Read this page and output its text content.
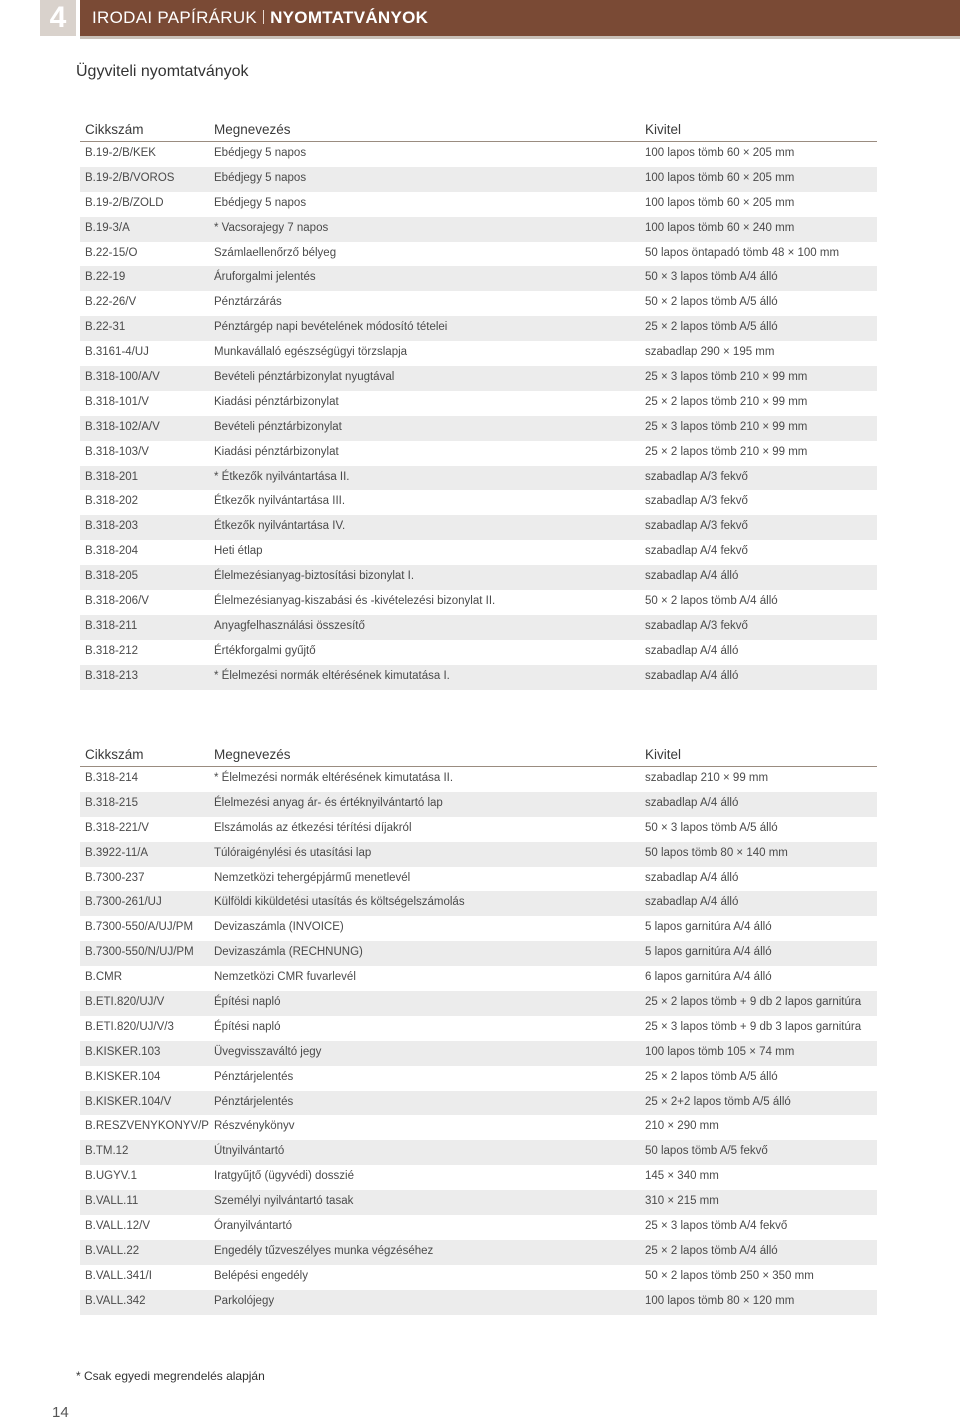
4	IRODAI PAPÍRÁRUK NYOMTATVÁNYOK
Ügyviteli nyomtatványok
Cikkszám	Megnevezés	Kivitel
B.19-2/B/KEK	Ebédjegy 5 napos	100 lapos tömb 60 × 205 mm
B.19-2/B/VOROS	Ebédjegy 5 napos	100 lapos tömb 60 × 205 mm
B.19-2/B/ZOLD	Ebédjegy 5 napos	100 lapos tömb 60 × 205 mm
B.19-3/A	* Vacsorajegy 7 napos	100 lapos tömb 60 × 240 mm
B.22-15/O	Számlaellenőrző bélyeg	50 lapos öntapadó tömb 48 × 100 mm
B.22-19	Áruforgalmi jelentés	50 × 3 lapos tömb A/4 álló
B.22-26/V	Pénztárzárás	50 × 2 lapos tömb A/5 álló
B.22-31	Pénztárgép napi bevételének módosító tételei	25 × 2 lapos tömb A/5 álló
B.3161-4/UJ	Munkavállaló egészségügyi törzslapja	szabadlap 290 × 195 mm
B.318-100/A/V	Bevételi pénztárbizonylat nyugtával	25 × 3 lapos tömb 210 × 99 mm
B.318-101/V	Kiadási pénztárbizonylat	25 × 2 lapos tömb 210 × 99 mm
B.318-102/A/V	Bevételi pénztárbizonylat	25 × 3 lapos tömb 210 × 99 mm
B.318-103/V	Kiadási pénztárbizonylat	25 × 2 lapos tömb 210 × 99 mm
B.318-201	* Étkezők nyilvántartása II.	szabadlap A/3 fekvő
B.318-202	Étkezők nyilvántartása III.	szabadlap A/3 fekvő
B.318-203	Étkezők nyilvántartása IV.	szabadlap A/3 fekvő
B.318-204	Heti étlap	szabadlap A/4 fekvő
B.318-205	Élelmezésianyag-biztosítási bizonylat I.	szabadlap A/4 álló
B.318-206/V	Élelmezésianyag-kiszabási és -kivételezési bizonylat II.	50 × 2 lapos tömb A/4 álló
B.318-211	Anyagfelhasználási összesítő	szabadlap A/3 fekvő
B.318-212	Értékforgalmi gyűjtő	szabadlap A/4 álló
B.318-213	* Élelmezési normák eltérésének kimutatása I.	szabadlap A/4 álló
Cikkszám	Megnevezés	Kivitel
B.318-214	* Élelmezési normák eltérésének kimutatása II.	szabadlap 210 × 99 mm
B.318-215	Élelmezési anyag ár- és értéknyilvántartó lap	szabadlap A/4 álló
B.318-221/V	Elszámolás az étkezési térítési díjakról	50 × 3 lapos tömb A/5 álló
B.3922-11/A	Túlóraigénylési és utasítási lap	50 lapos tömb 80 × 140 mm
B.7300-237	Nemzetközi tehergépjármű menetlevél	szabadlap A/4 álló
B.7300-261/UJ	Külföldi kiküldetési utasítás és költségelszámolás	szabadlap A/4 álló
B.7300-550/A/UJ/PM Devizaszámla (INVOICE)	5 lapos garnitúra A/4 álló
B.7300-550/N/UJ/PM Devizaszámla (RECHNUNG)	5 lapos garnitúra A/4 álló
B.CMR	Nemzetközi CMR fuvarlevél	6 lapos garnitúra A/4 álló
B.ETI.820/UJ/V	Építési napló	25 × 2 lapos tömb + 9 db 2 lapos garnitúra
B.ETI.820/UJ/V/3	Építési napló	25 × 3 lapos tömb + 9 db 3 lapos garnitúra
B.KISKER.103	Üvegvisszaváltó jegy	100 lapos tömb 105 × 74 mm
B.KISKER.104	Pénztárjelentés	25 × 2 lapos tömb A/5 álló
B.KISKER.104/V	Pénztárjelentés	25 × 2+2 lapos tömb A/5 álló
B.RESZVENYKONYV/P Részvénykönyv	210 × 290 mm
B.TM.12	Útnyilvántartó	50 lapos tömb A/5 fekvő
B.UGYV.1	Iratgyűjtő (ügyvédi) dosszié	145 × 340 mm
B.VALL.11	Személyi nyilvántartó tasak	310 × 215 mm
B.VALL.12/V	Óranyilvántartó	25 × 3 lapos tömb A/4 fekvő
B.VALL.22	Engedély tűzveszélyes munka végzéséhez	25 × 2 lapos tömb A/4 álló
B.VALL.341/I	Belépési engedély	50 × 2 lapos tömb 250 × 350 mm
B.VALL.342	Parkolójegy	100 lapos tömb 80 × 120 mm
* Csak egyedi megrendelés alapján
14
